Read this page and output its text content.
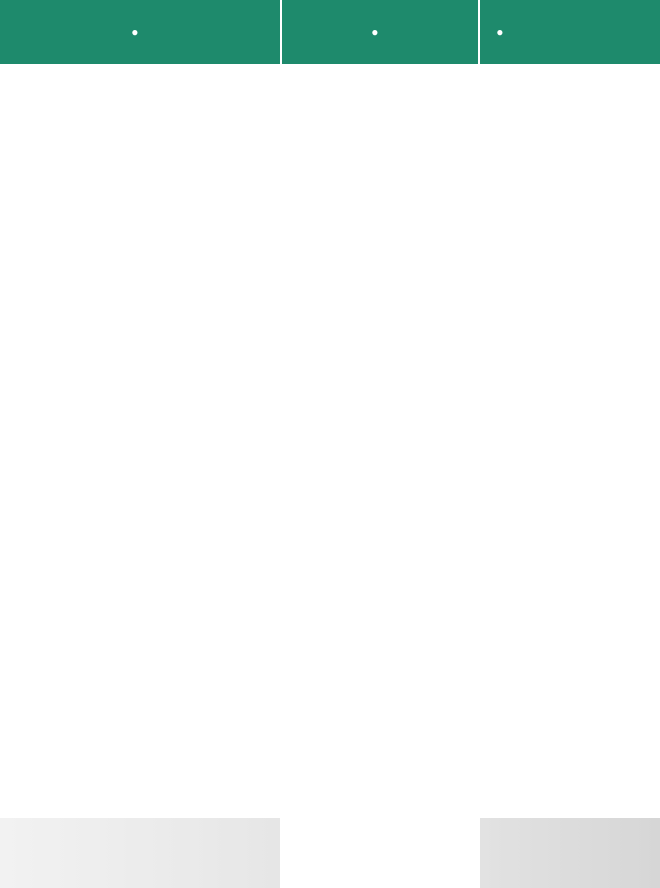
●	●	●
